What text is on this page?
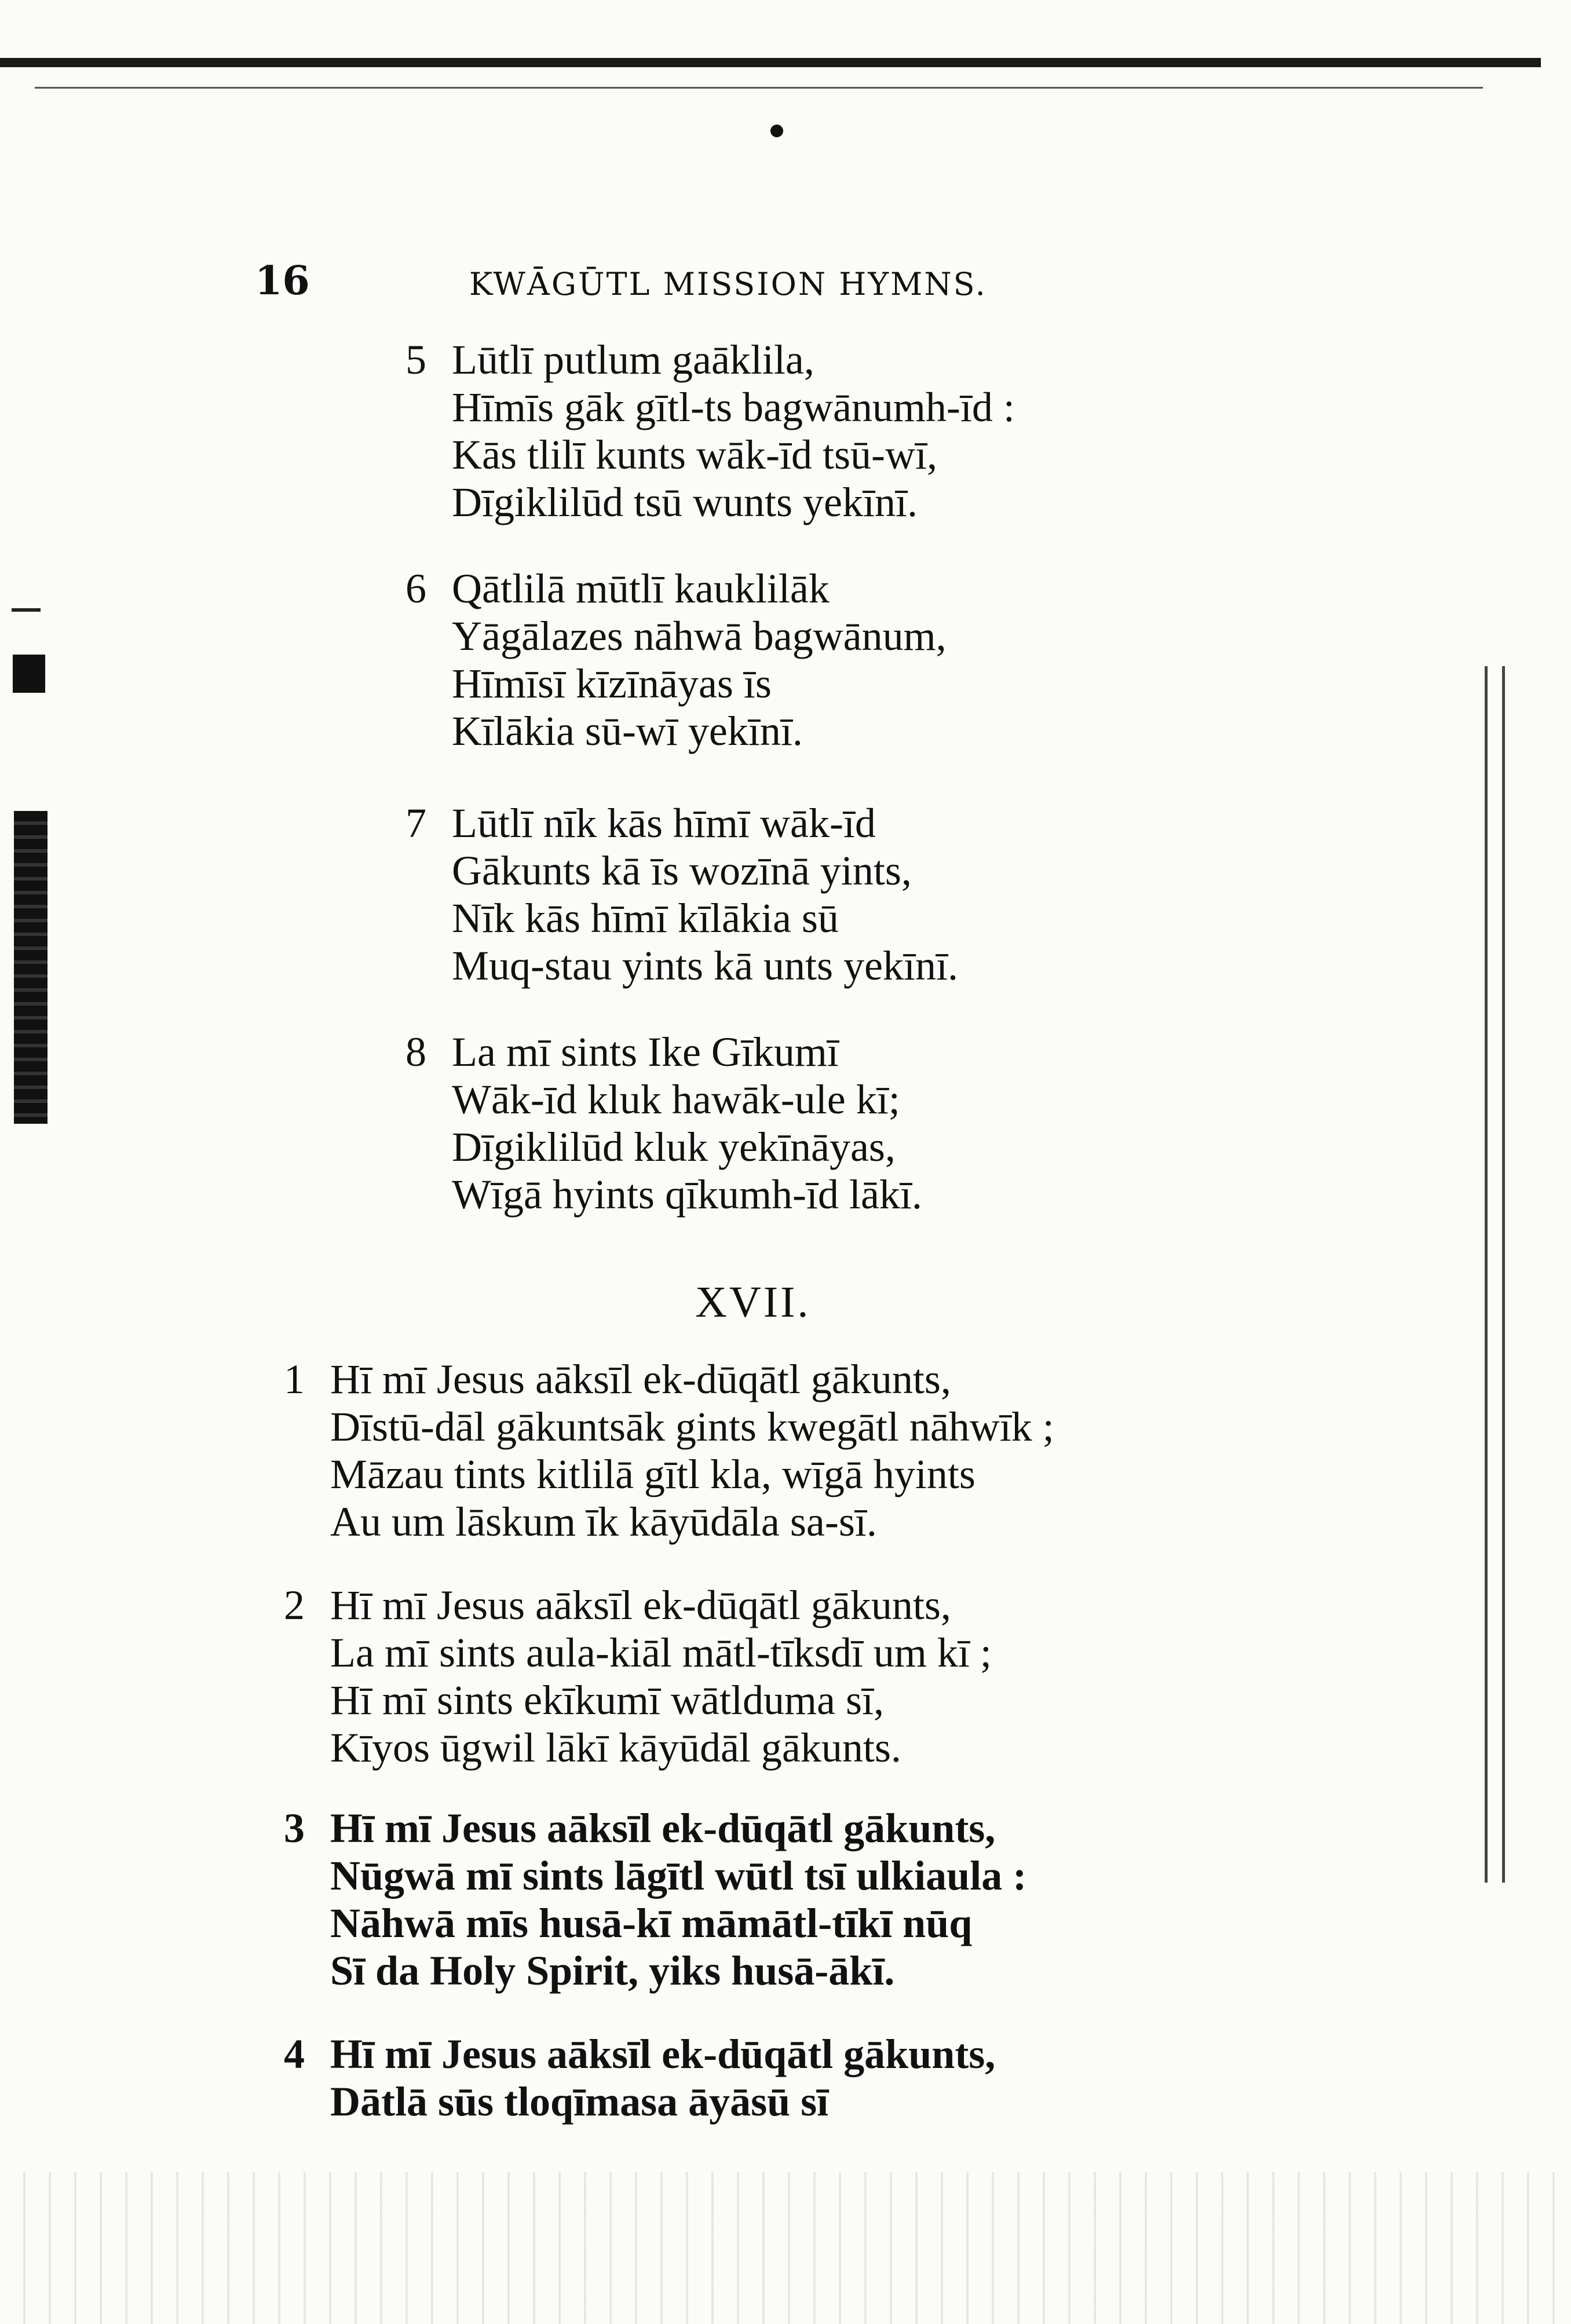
16	KWĀGŪTL MISSION HYMNS.
5 Lūtlī putlum gaāklila,
Hīmīs gāk gītl-ts bagwānumh-īd :
Kās tlilī kunts wāk-īd tsū-wī,
Dīgiklilūd tsū wunts yekīnī.
6 Qātlilā mūtlī kauklilāk
Yāgālazes nāhwā bagwānum,
Hīmīsī kīzīnāyas īs
Kīlākia sū-wī yekīnī.
7 Lūtlī nīk kās hīmī wāk-īd
Gākunts kā īs wozīnā yints,
Nīk kās hīmī kīlākia sū
Muq-stau yints kā unts yekīnī.
8 La mī sints Ike Gīkumī
Wāk-īd kluk hawāk-ule kī;
Dīgiklilūd kluk yekīnāyas,
Wīgā hyints qīkumh-īd lākī.
XVII.
1 Hī mī Jesus aāksīl ek-dūqātl gākunts,
Dīstū-dāl gākuntsāk gints kwegātl nāhwīk ;
Māzau tints kitlilā gītl kla, wīgā hyints
Au um lāskum īk kāyūdāla sa-sī.
2 Hī mī Jesus aāksīl ek-dūqātl gākunts,
La mī sints aula-kiāl mātl-tīksdī um kī ;
Hī mī sints ekīkumī wātlduma sī,
Kīyos ūgwil lākī kāyūdāl gākunts.
3 Hī mī Jesus aāksīl ek-dūqātl gākunts,
Nūgwā mī sints lāgītl wūtl tsī ulkiaula :
Nāhwā mīs husā-kī māmātl-tīkī nūq
Sī da Holy Spirit, yiks husā-ākī.
4 Hī mī Jesus aāksīl ek-dūqātl gākunts,
Dātlā sūs tloqīmasa āyāsū sī
